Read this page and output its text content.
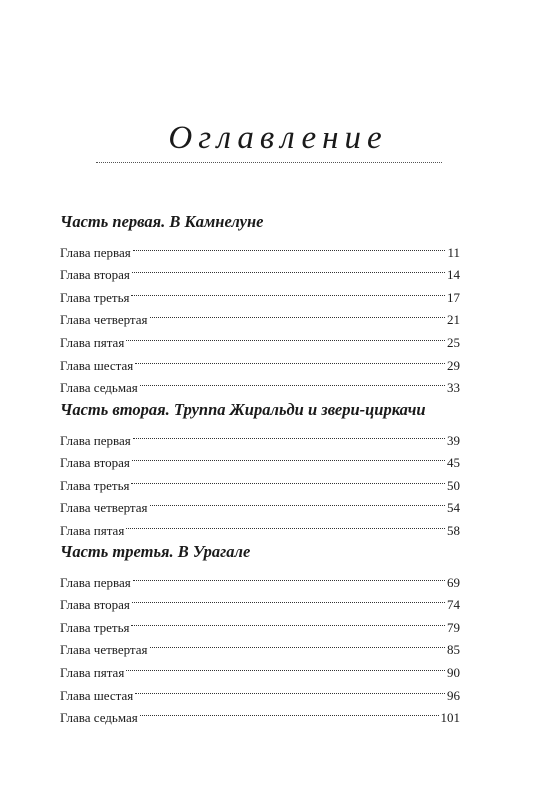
Оглавление
Часть первая. В Камнелуне
Глава первая	11
Глава вторая	14
Глава третья	17
Глава четвертая	21
Глава пятая	25
Глава шестая	29
Глава седьмая	33
Часть вторая. Труппа Жиральди и звери-циркачи
Глава первая	39
Глава вторая	45
Глава третья	50
Глава четвертая	54
Глава пятая	58
Часть третья. В Урагале
Глава первая	69
Глава вторая	74
Глава третья	79
Глава четвертая	85
Глава пятая	90
Глава шестая	96
Глава седьмая	101
